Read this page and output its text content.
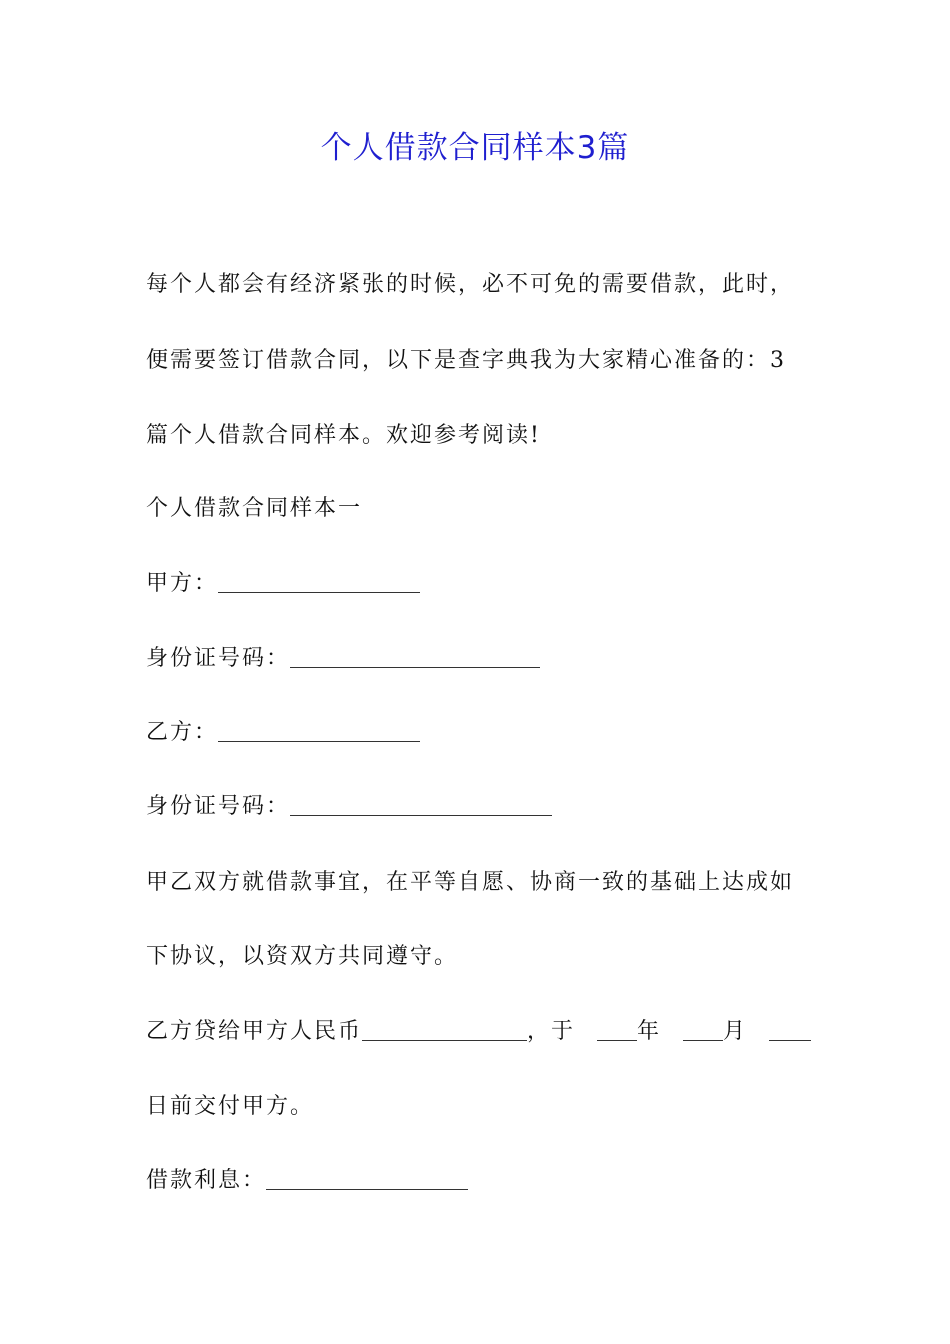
个人借款合同样本3篇
每个人都会有经济紧张的时候，必不可免的需要借款，此时，
便需要签订借款合同，以下是查字典我为大家精心准备的：3
篇个人借款合同样本。欢迎参考阅读!
个人借款合同样本一
甲方：
身份证号码：
乙方：
身份证号码：
甲乙双方就借款事宜，在平等自愿、协商一致的基础上达成如
下协议，以资双方共同遵守。
乙方贷给甲方人民币	，于	年	月
日前交付甲方。
借款利息：
